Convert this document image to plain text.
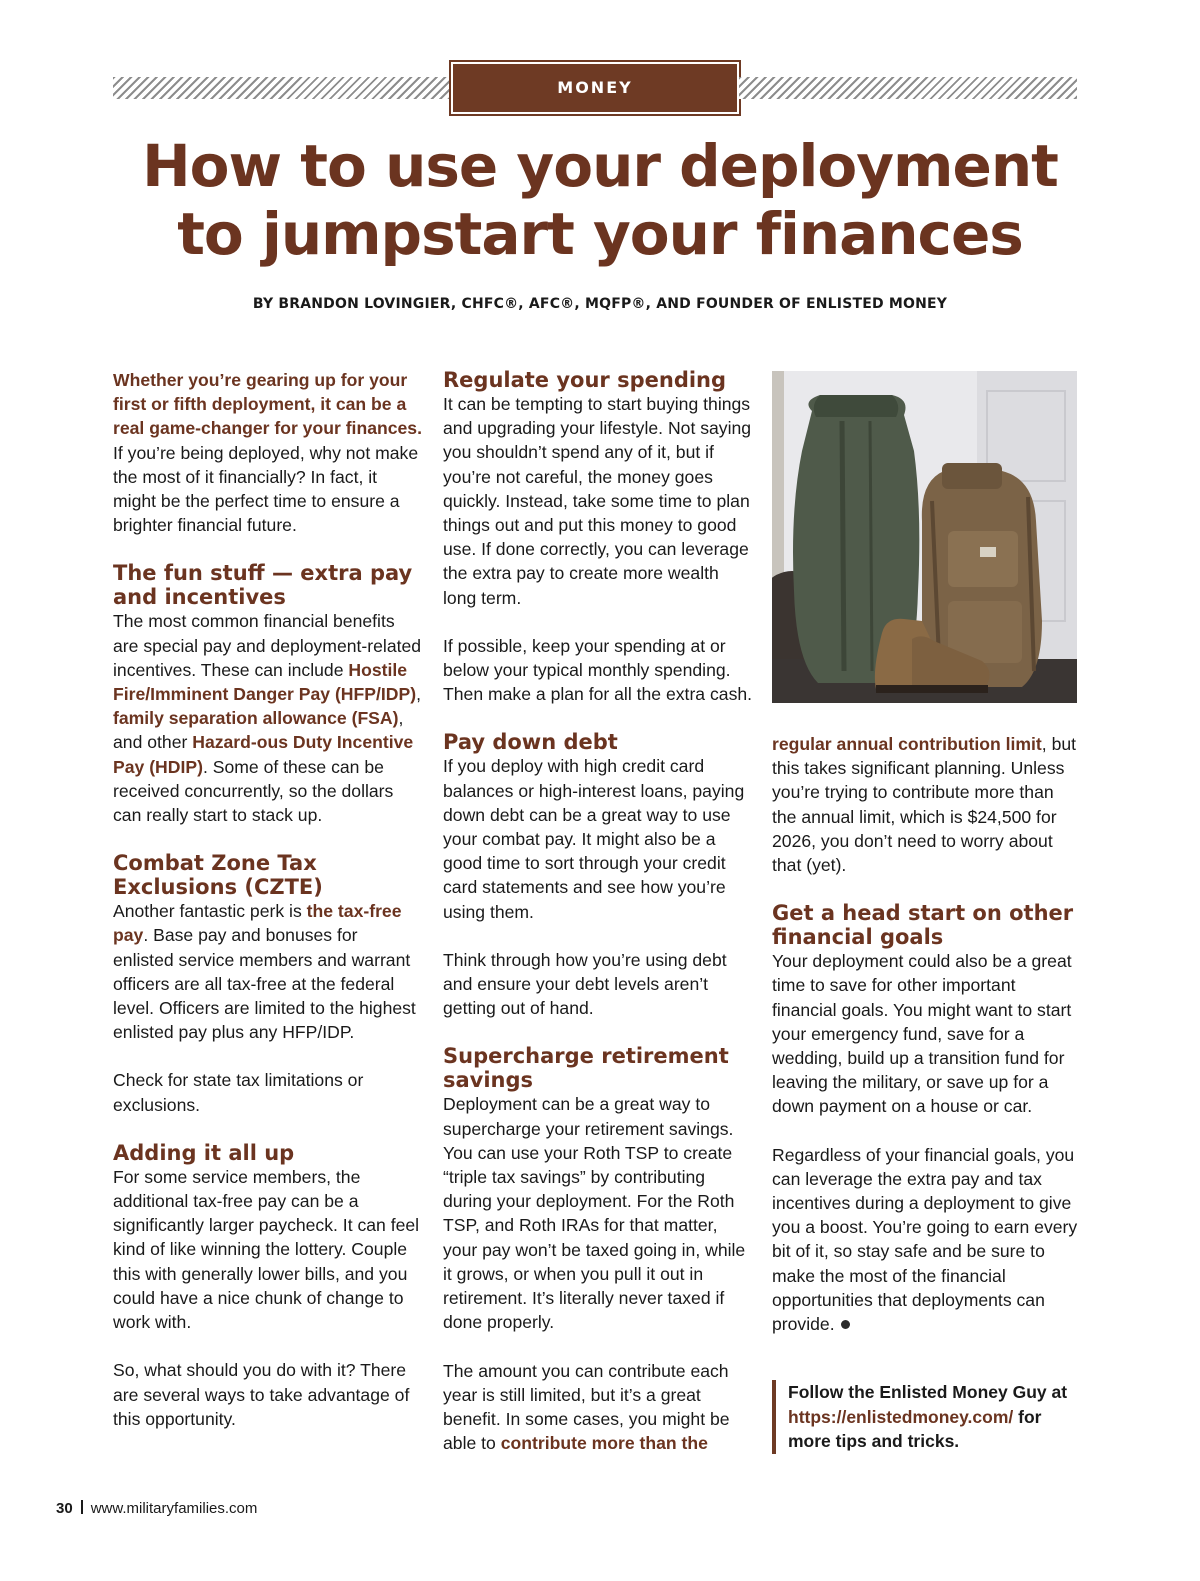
MONEY
How to use your deployment
to jumpstart your finances
BY BRANDON LOVINGIER, CHFC®, AFC®, MQFP®, AND FOUNDER OF ENLISTED MONEY

Whether you’re gearing up for your first or fifth deployment, it can be a real game-changer for your finances. If you’re being deployed, why not make the most of it financially? In fact, it might be the perfect time to ensure a brighter financial future.

The fun stuff — extra pay and incentives

The most common financial benefits are special pay and deployment-related incentives. These can include Hostile Fire/Imminent Danger Pay (HFP/IDP), family separation allowance (FSA), and other Hazard-ous Duty Incentive Pay (HDIP). Some of these can be received concurrently, so the dollars can really start to stack up.

Combat Zone Tax Exclusions (CZTE)

Another fantastic perk is the tax-free pay. Base pay and bonuses for enlisted service members and warrant officers are all tax-free at the federal level. Officers are limited to the highest enlisted pay plus any HFP/IDP.

Check for state tax limitations or exclusions.

Adding it all up

For some service members, the additional tax-free pay can be a significantly larger paycheck. It can feel kind of like winning the lottery. Couple this with generally lower bills, and you could have a nice chunk of change to work with.

So, what should you do with it? There are several ways to take advantage of this opportunity.

Regulate your spending

It can be tempting to start buying things and upgrading your lifestyle. Not saying you shouldn’t spend any of it, but if you’re not careful, the money goes quickly. Instead, take some time to plan things out and put this money to good use. If done correctly, you can leverage the extra pay to create more wealth long term.

If possible, keep your spending at or below your typical monthly spending. Then make a plan for all the extra cash.

Pay down debt

If you deploy with high credit card balances or high-interest loans, paying down debt can be a great way to use your combat pay. It might also be a good time to sort through your credit card statements and see how you’re using them.

Think through how you’re using debt and ensure your debt levels aren’t getting out of hand.

Supercharge retirement savings

Deployment can be a great way to supercharge your retirement savings. You can use your Roth TSP to create “triple tax savings” by contributing during your deployment. For the Roth TSP, and Roth IRAs for that matter, your pay won’t be taxed going in, while it grows, or when you pull it out in retirement. It’s literally never taxed if done properly.

The amount you can contribute each year is still limited, but it’s a great benefit. In some cases, you might be able to contribute more than the

regular annual contribution limit, but this takes significant planning. Unless you’re trying to contribute more than the annual limit, which is $24,500 for 2026, you don’t need to worry about that (yet).

Get a head start on other financial goals

Your deployment could also be a great time to save for other important financial goals. You might want to start your emergency fund, save for a wedding, build up a transition fund for leaving the military, or save up for a down payment on a house or car.

Regardless of your financial goals, you can leverage the extra pay and tax incentives during a deployment to give you a boost. You’re going to earn every bit of it, so stay safe and be sure to make the most of the financial opportunities that deployments can provide.

Follow the Enlisted Money Guy at https://enlistedmoney.com/ for more tips and tricks.
30 www.militaryfamilies.com
